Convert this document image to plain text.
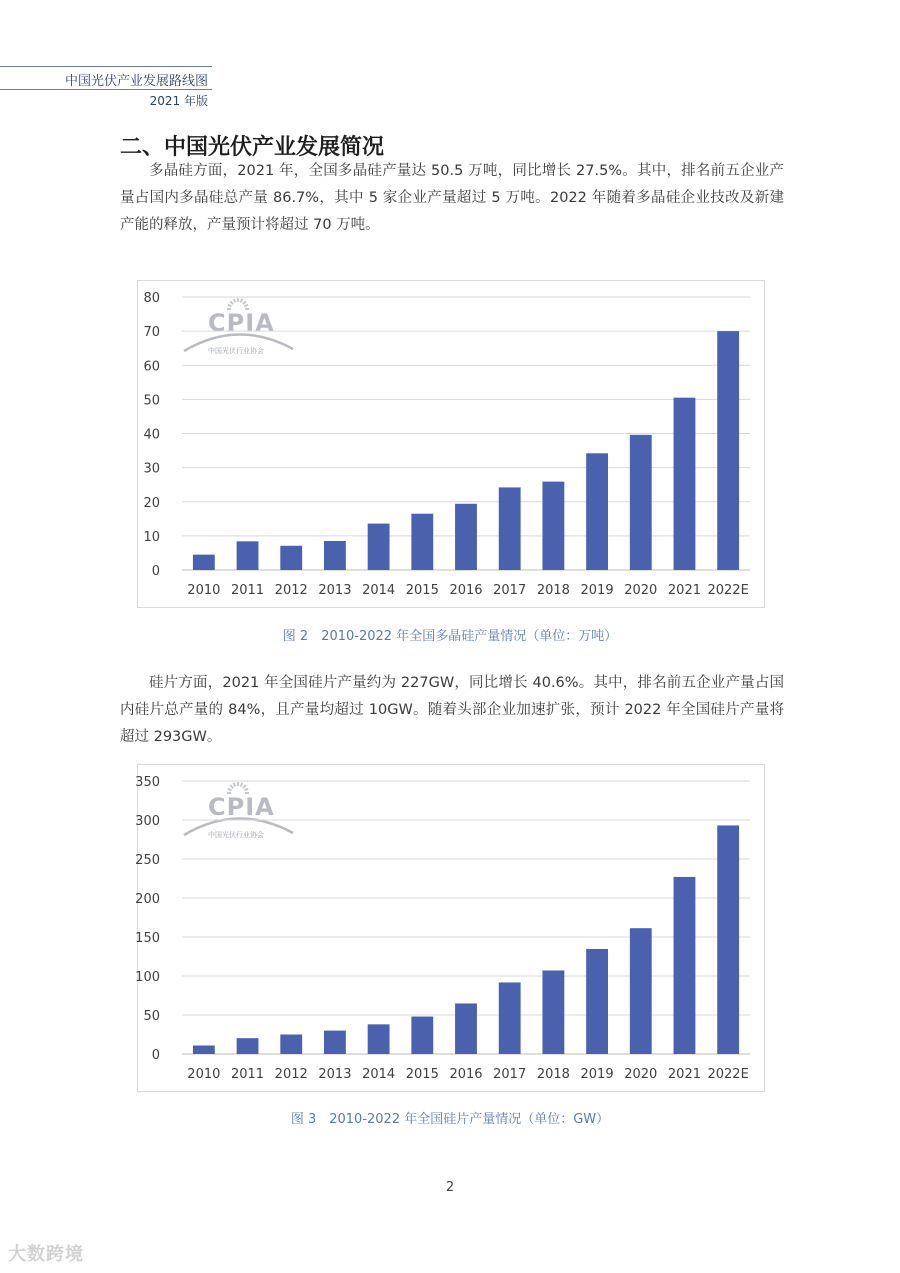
中国光伏产业发展路线图
2021 年版
二、中国光伏产业发展简况

多晶硅方面，2021 年，全国多晶硅产量达 50.5 万吨，同比增长 27.5%。其中，排名前五企业产量占国内多晶硅总产量 86.7%，其中 5 家企业产量超过 5 万吨。2022 年随着多晶硅企业技改及新建产能的释放，产量预计将超过 70 万吨。

CPIA
中国光伏行业协会
0
10
20
30
40
50
60
70
80
2010 2011 2012 2013 2014 2015 2016 2017 2018 2019 2020 2021 2022E
图 2　2010-2022 年全国多晶硅产量情况（单位：万吨）

硅片方面，2021 年全国硅片产量约为 227GW，同比增长 40.6%。其中，排名前五企业产量占国内硅片总产量的 84%，且产量均超过 10GW。随着头部企业加速扩张，预计 2022 年全国硅片产量将超过 293GW。

CPIA
中国光伏行业协会
0
50
100
150
200
250
300
350
2010 2011 2012 2013 2014 2015 2016 2017 2018 2019 2020 2021 2022E
图 3　2010-2022 年全国硅片产量情况（单位：GW）
2
大数跨境
